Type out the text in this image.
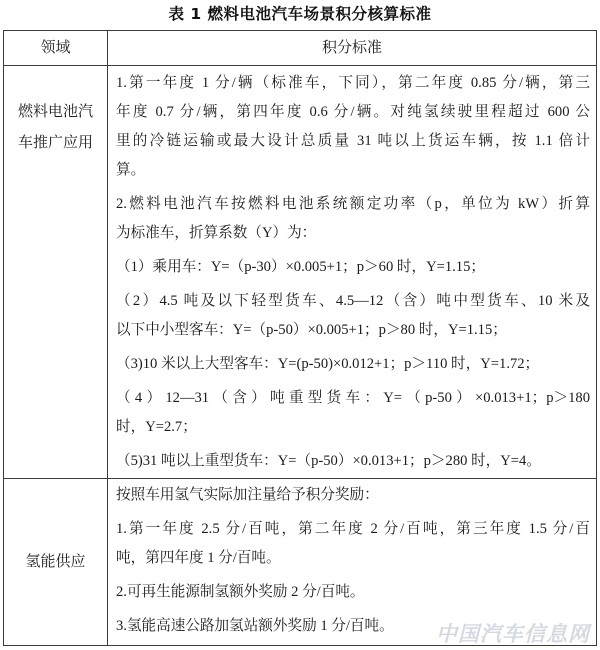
表 1 燃料电池汽车场景积分核算标准
领域	积分标准
燃料电池汽车推广应用
1.第一年度 1 分/辆（标准车，下同），第二年度 0.85 分/辆，第三
年度 0.7 分/辆，第四年度 0.6 分/辆。对纯氢续驶里程超过 600 公
里的冷链运输或最大设计总质量 31 吨以上货运车辆，按 1.1 倍计
算。
2.燃料电池汽车按燃料电池系统额定功率（p，单位为 kW）折算
为标准车，折算系数（Y）为：
（1）乘用车：Y=（p-30）×0.005+1；p＞60 时，Y=1.15；
（2）4.5 吨及以下轻型货车、4.5—12（含）吨中型货车、10 米及
以下中小型客车：Y=（p-50）×0.005+1；p＞80 时，Y=1.15；
（3)10 米以上大型客车：Y=(p-50)×0.012+1；p＞110 时，Y=1.72；
（4）12—31（含）吨重型货车：Y=（p-50）×0.013+1；p＞180
时，Y=2.7；
（5)31 吨以上重型货车：Y=（p-50）×0.013+1；p＞280 时，Y=4。
氢能供应
按照车用氢气实际加注量给予积分奖励：
1.第一年度 2.5 分/百吨，第二年度 2 分/百吨，第三年度 1.5 分/百
吨，第四年度 1 分/百吨。
2.可再生能源制氢额外奖励 2 分/百吨。
3.氢能高速公路加氢站额外奖励 1 分/百吨。	中国汽车信息网
